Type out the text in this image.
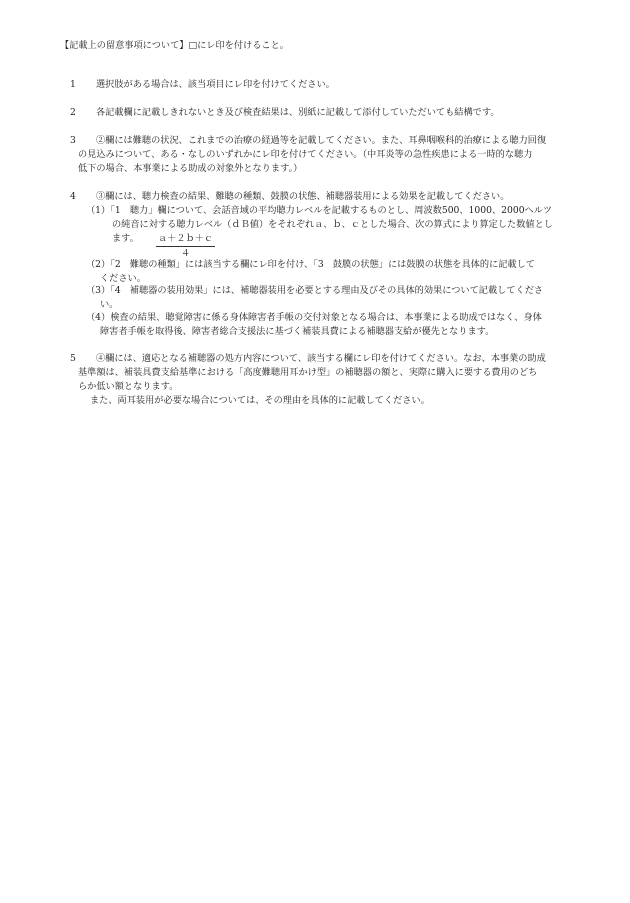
【記載上の留意事項について】□にレ印を付けること。
1 選択肢がある場合は、該当項目にレ印を付けてください。
2 各記載欄に記載しきれないとき及び検査結果は、別紙に記載して添付していただいても結構です。
3 ②欄には難聴の状況、これまでの治療の経過等を記載してください。また、耳鼻咽喉科的治療による聴力回復
の見込みについて、ある・なしのいずれかにレ印を付けてください。（中耳炎等の急性疾患による一時的な聴力
低下の場合、本事業による助成の対象外となります。）
4 ③欄には、聴力検査の結果、難聴の種類、鼓膜の状態、補聴器装用による効果を記載してください。
（1）「1　聴力」欄について、会話音域の平均聴力レベルを記載するものとし、周波数500、1000、2000ヘルツ
の純音に対する聴力レベル（ｄＢ値）をそれぞれａ、ｂ、ｃとした場合、次の算式により算定した数値とし
ます。	ａ＋２ｂ＋ｃ
４
（2）「2　難聴の種類」には該当する欄にレ印を付け、「3　鼓膜の状態」には鼓膜の状態を具体的に記載して
ください。
（3）「4　補聴器の装用効果」には、補聴器装用を必要とする理由及びその具体的効果について記載してくださ
い。
（4）検査の結果、聴覚障害に係る身体障害者手帳の交付対象となる場合は、本事業による助成ではなく、身体
障害者手帳を取得後、障害者総合支援法に基づく補装具費による補聴器支給が優先となります。
5 ④欄には、適応となる補聴器の処方内容について、該当する欄にレ印を付けてください。なお、本事業の助成
基準額は、補装具費支給基準における「高度難聴用耳かけ型」の補聴器の額と、実際に購入に要する費用のどち
らか低い額となります。
また、両耳装用が必要な場合については、その理由を具体的に記載してください。
